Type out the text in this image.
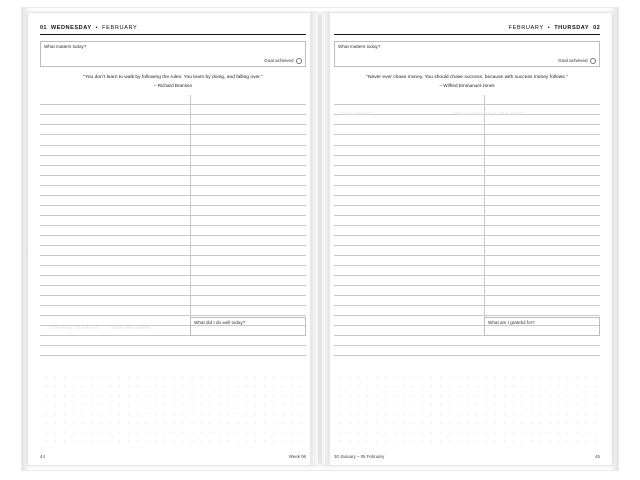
01 WEDNESDAY • FEBRUARY
What matters today?
Goal achieved
“You don’t learn to walk by following the rules. You learn by doing, and falling over.”
– Richard Branson
What did I do well today?
Everything I do today is	I know what matters
44	Week 06
FEBRUARY • THURSDAY 02
What matters today?
Goal achieved
“Never ever chase money. You should chase success, because with success money follows.”
– Wilfred Emmanuel-Jones
What am I grateful for?
Goal achieved	What matters today? What matters
30 January – 05 February	45
